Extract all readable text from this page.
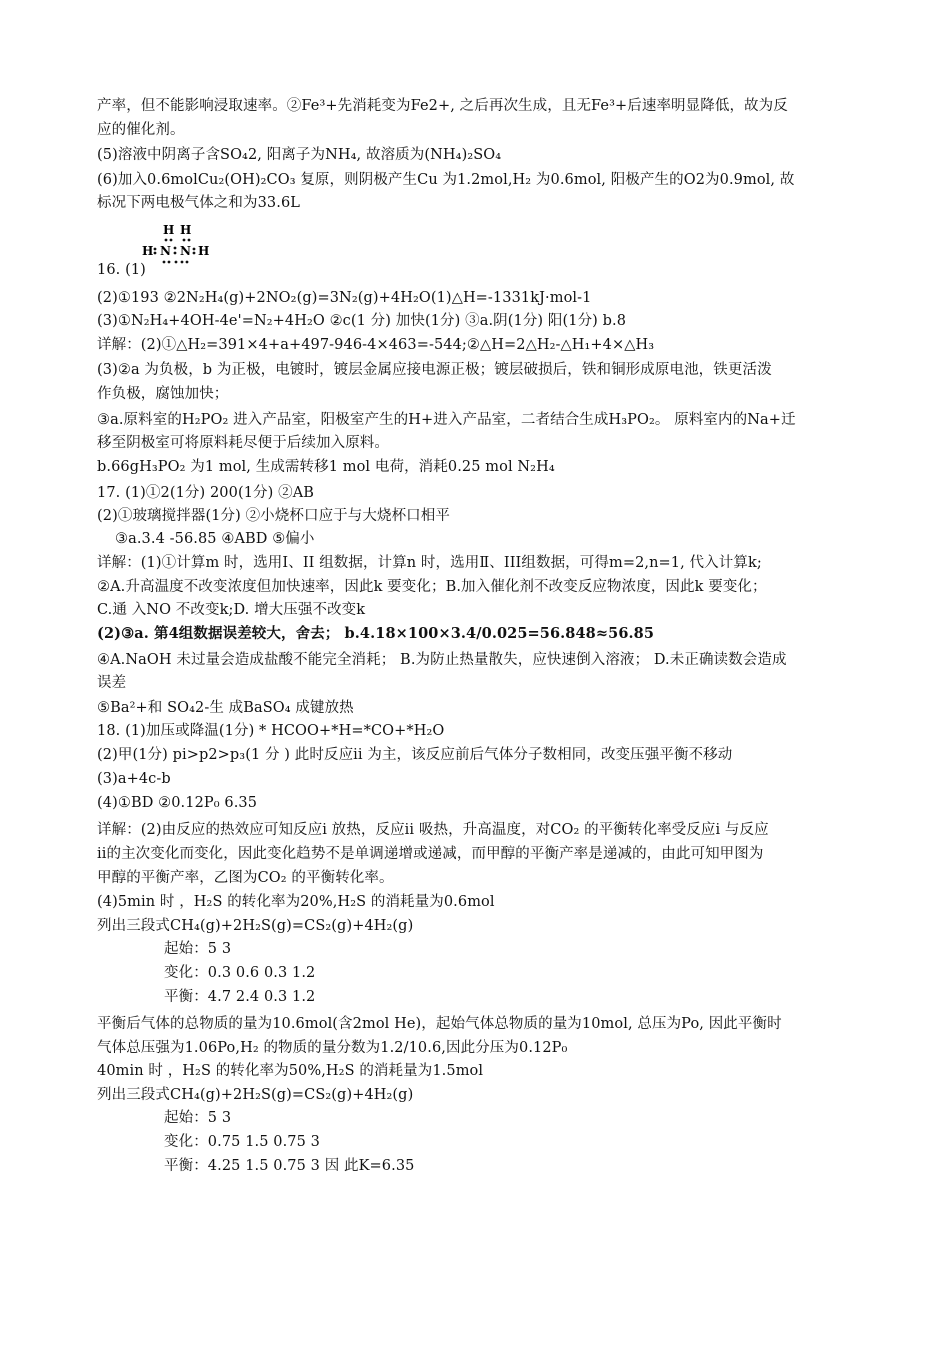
产率，但不能影响浸取速率。②Fe³+先消耗变为Fe2+, 之后再次生成，且无Fe³+后速率明显降低，故为反
应的催化剂。
(5)溶液中阴离子含SO₄2, 阳离子为NH₄, 故溶质为(NH₄)₂SO₄
(6)加入0.6molCu₂(OH)₂CO₃ 复原，则阴极产生Cu 为1.2mol,H₂ 为0.6mol, 阳极产生的O2为0.9mol, 故
标况下两电极气体之和为33.6L
H H
H N N H
16. (1)
(2)①193 ②2N₂H₄(g)+2NO₂(g)=3N₂(g)+4H₂O(1)△H=-1331kJ·mol-1
(3)①N₂H₄+4OH-4e'=N₂+4H₂O ②c(1 分) 加快(1分) ③a.阴(1分) 阳(1分) b.8
详解：(2)①△H₂=391×4+a+497-946-4×463=-544;②△H=2△H₂-△H₁+4×△H₃
(3)②a 为负极，b 为正极，电镀时，镀层金属应接电源正极；镀层破损后，铁和铜形成原电池，铁更活泼
作负极，腐蚀加快；
③a.原料室的H₂PO₂ 进入产品室，阳极室产生的H+进入产品室，二者结合生成H₃PO₂。 原料室内的Na+迁
移至阴极室可将原料耗尽便于后续加入原料。
b.66gH₃PO₂ 为1 mol, 生成需转移1 mol 电荷，消耗0.25 mol N₂H₄
17. (1)①2(1分) 200(1分) ②AB
(2)①玻璃搅拌器(1分) ②小烧杯口应于与大烧杯口相平
③a.3.4 -56.85 ④ABD ⑤偏小
详解：(1)①计算m 时，选用I、II 组数据，计算n 时，选用Ⅱ、III组数据，可得m=2,n=1, 代入计算k;
②A.升高温度不改变浓度但加快速率，因此k 要变化；B.加入催化剂不改变反应物浓度，因此k 要变化；
C.通 入NO 不改变k;D. 增大压强不改变k
(2)③a. 第4组数据误差较大，舍去； b.4.18×100×3.4/0.025=56.848≈56.85
④A.NaOH 未过量会造成盐酸不能完全消耗； B.为防止热量散失，应快速倒入溶液； D.未正确读数会造成
误差
⑤Ba²+和 SO₄2-生 成BaSO₄ 成键放热
18. (1)加压或降温(1分) * HCOO+*H=*CO+*H₂O
(2)甲(1分) pi>p2>p₃(1 分 ) 此时反应ii 为主，该反应前后气体分子数相同，改变压强平衡不移动
(3)a+4c-b
(4)①BD ②0.12P₀ 6.35
详解：(2)由反应的热效应可知反应i 放热，反应ii 吸热，升高温度，对CO₂ 的平衡转化率受反应i 与反应
ii的主次变化而变化，因此变化趋势不是单调递增或递减，而甲醇的平衡产率是递减的，由此可知甲图为
甲醇的平衡产率，乙图为CO₂ 的平衡转化率。
(4)5min 时 ，H₂S 的转化率为20%,H₂S 的消耗量为0.6mol
列出三段式CH₄(g)+2H₂S(g)=CS₂(g)+4H₂(g)
起始：5 3
变化：0.3 0.6 0.3 1.2
平衡：4.7 2.4 0.3 1.2
平衡后气体的总物质的量为10.6mol(含2mol He)，起始气体总物质的量为10mol, 总压为Po, 因此平衡时
气体总压强为1.06Po,H₂ 的物质的量分数为1.2/10.6,因此分压为0.12P₀
40min 时 ，H₂S 的转化率为50%,H₂S 的消耗量为1.5mol
列出三段式CH₄(g)+2H₂S(g)=CS₂(g)+4H₂(g)
起始：5 3
变化：0.75 1.5 0.75 3
平衡：4.25 1.5 0.75 3 因 此K=6.35
